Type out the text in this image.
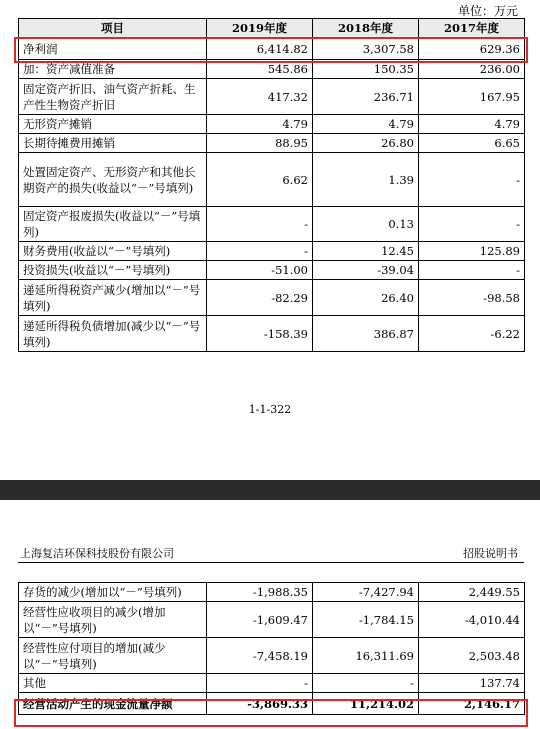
单位：万元
项目	2019年度	2018年度	2017年度
净利润	6,414.82	3,307.58	629.36
加：资产减值准备	545.86	150.35	236.00
固定资产折旧、油气资产折耗、生产性生物资产折旧	417.32	236.71	167.95
无形资产摊销	4.79	4.79	4.79
长期待摊费用摊销	88.95	26.80	6.65
处置固定资产、无形资产和其他长期资产的损失(收益以“－”号填列)	6.62	1.39	-
固定资产报废损失(收益以“－”号填列)	-	0.13	-
财务费用(收益以“－”号填列)	-	12.45	125.89
投资损失(收益以“－”号填列)	-51.00	-39.04	-
递延所得税资产减少(增加以“－”号填列)	-82.29	26.40	-98.58
递延所得税负债增加(减少以“－”号填列)	-158.39	386.87	-6.22
1-1-322
上海复洁环保科技股份有限公司	招股说明书
存货的减少(增加以“－”号填列)	-1,988.35	-7,427.94	2,449.55
经营性应收项目的减少(增加以“－”号填列)	-1,609.47	-1,784.15	-4,010.44
经营性应付项目的增加(减少以“－”号填列)	-7,458.19	16,311.69	2,503.48
其他	-	-	137.74
经营活动产生的现金流量净额	-3,869.33	11,214.02	2,146.17
